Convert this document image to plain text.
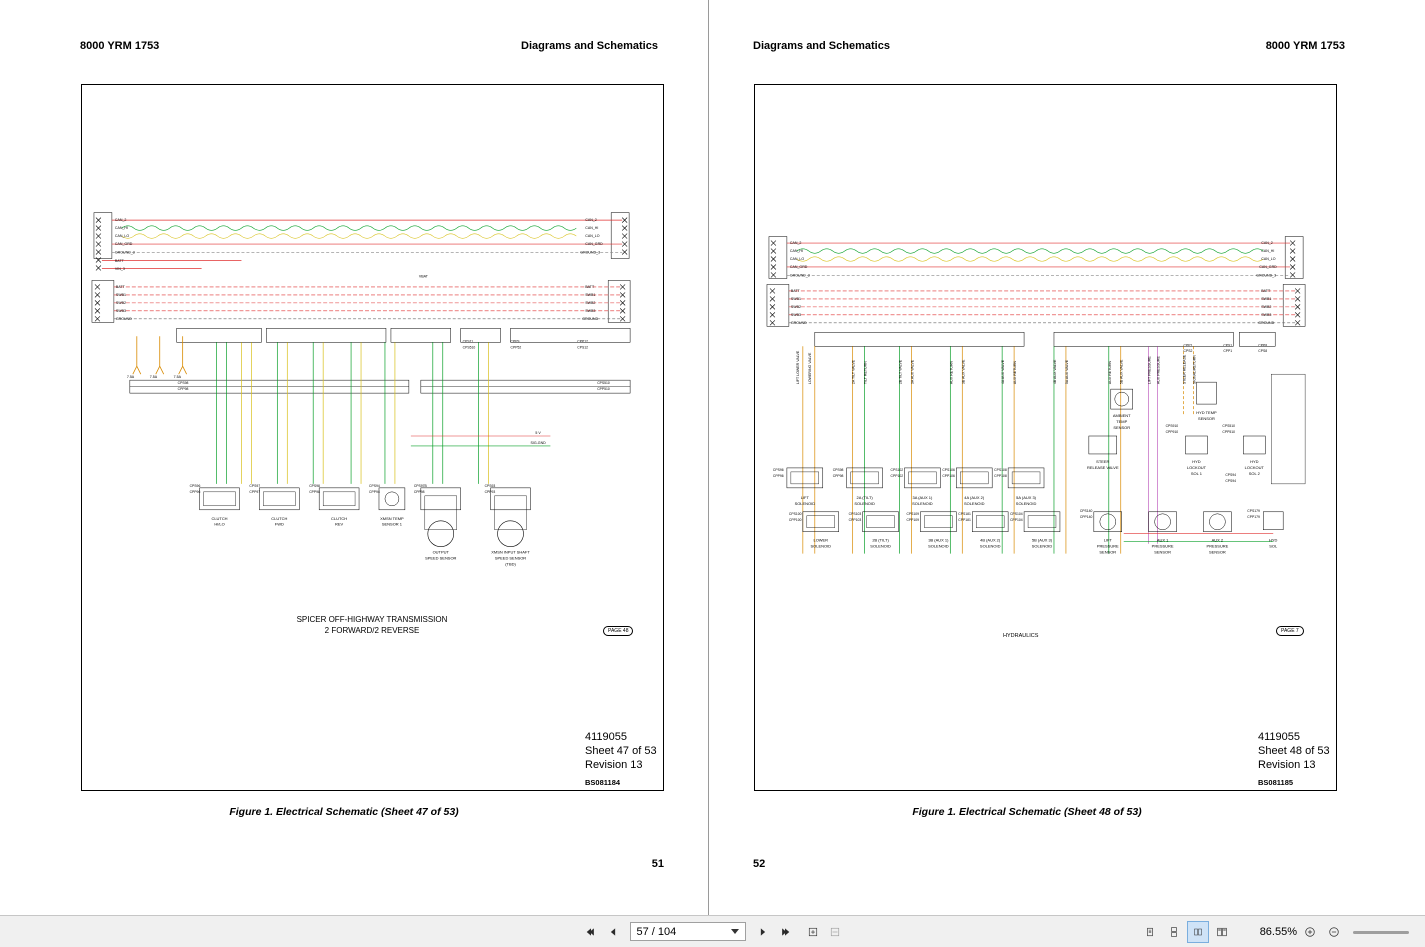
8000 YRM 1753	Diagrams and Schematics
CAN_2
CAN_HI
CAN_LO
CAN_GRD
GROUND_3
BATT
VIN_3
CAN_2
CAN_HI
CAN_LO
CAN_GRD
GROUND_3
BATT
SWB1
SWB2
SWB3
GROUND
BATT
SWB1
SWB2
SWB3
GROUND
VBAT
5 V
SIG-GND
7.5A	7.5A	7.5A
CLUTCH
HI/LO
CLUTCH
FWD
CLUTCH
REV
XMSN TEMP
SENSOR 1
OUTPUT
SPEED SENSOR
XMSN INPUT SHAFT
SPEED SENSOR
(TBD)
CPS98
CPP98
CPS96
CPP96
CPS97
CPP97
CPS98
CPP98
CPS94
CPP94
CPS97B
CPP98
CPS93
CPP93
CPS510
CPP510
CPP12
CPS12
CPP9
CPP52
CPS11
CPS510
SPICER OFF-HIGHWAY TRANSMISSION
2 FORWARD/2 REVERSE	PAGE 48
4119055
Sheet 47 of 53
Revision 13
BS081184
Figure 1. Electrical Schematic (Sheet 47 of 53)
51
Diagrams and Schematics	8000 YRM 1753
CAN_2
CAN_HI
CAN_LO
CAN_GRD
GROUND_3
CAN_2
CAN_HI
CAN_LO
CAN_GRD
GROUND_3
BATT
SWB1
SWB2
SWB3
GROUND
BATT
SWB1
SWB2
SWB3
GROUND
LIFT LOWER VALVE LOWERING VALVE	2A TILT VALVE TILT RETURN	2B TILT VALVE 3A AUX VALVE	AUX RETURN 3B AUX VALVE	4A AUX VALVE AUX RETURN	4B AUX VALVE 5A AUX VALVE	AUX RETURN 5B AUX VALVE	LIFT PRESSURE AUX PRESSURE	STEER RELEASE SIGNAL/RETURN
LIFT
SOLENOID
LOWER
SOLENOID
2A (TILT)
SOLENOID
2B (TILT)
SOLENOID
3A (AUX 1)
SOLENOID
3B (AUX 1)
SOLENOID
4A (AUX 2)
SOLENOID
4B (AUX 2)
SOLENOID
5A (AUX 3)
SOLENOID
5B (AUX 3)
SOLENOID
AMBIENT
TEMP
SENSOR
HYD TEMP
SENSOR
STEER
RELEASE VALVE
HYD
LOCKOUT
SOL 1
HYD
LOCKOUT
SOL 2
LIFT
PRESSURE
SENSOR
AUX 1
PRESSURE
SENSOR
AUX 2
PRESSURE
SENSOR
HYD
SOL
CPS96
CPP96
CPS98
CPP98
CPS102
CPP102
CPS106
CPP106
CPS108
CPP108
CPS100
CPP100
CPS103
CPP103
CPS109
CPP109
CPS181
CPP181
CPS104
CPP104
CPS140
CPP140
CPS910
CPP910
CPS510
CPP510
CPS94
CPS94
CPS179
CPP179
CPP1
CPS2
CPS1
CPP1
CPP8
CPS8
HYDRAULICS
PAGE 7
4119055
Sheet 48 of 53
Revision 13
BS081185
Figure 1. Electrical Schematic (Sheet 48 of 53)
52
57 / 104	86.55%
